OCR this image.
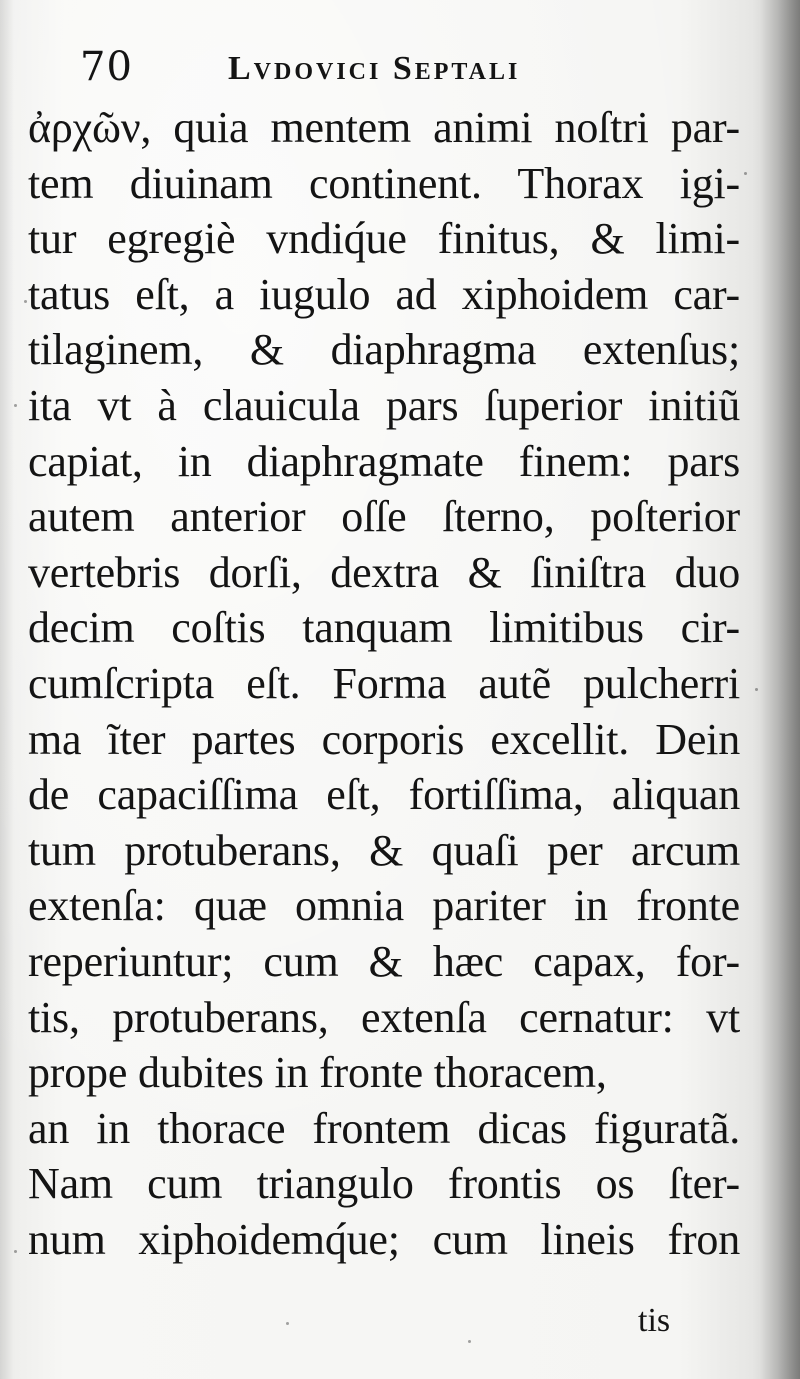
70	Lvdovici Septali
ἀρχῶν, quia mentem animi noſtri par-
tem diuinam continent. Thorax igi-
tur egregiè vndiq́ue finitus, & limi-
tatus eſt, a iugulo ad xiphoidem car-
tilaginem, & diaphragma extenſus;
ita vt à clauicula pars ſuperior initiũ
capiat, in diaphragmate finem: pars
autem anterior oſſe ſterno, poſterior
vertebris dorſi, dextra & ſiniſtra duo
decim coſtis tanquam limitibus cir-
cumſcripta eſt. Forma autẽ pulcherri
ma ĩter partes corporis excellit. Dein
de capaciſſima eſt, fortiſſima, aliquan
tum protuberans, & quaſi per arcum
extenſa: quæ omnia pariter in fronte
reperiuntur; cum & hæc capax, for-
tis, protuberans, extenſa cernatur: vt
prope dubites in fronte thoracem,
an in thorace frontem dicas figuratã.
Nam cum triangulo frontis os ſter-
num xiphoidemq́ue; cum lineis fron
tis
